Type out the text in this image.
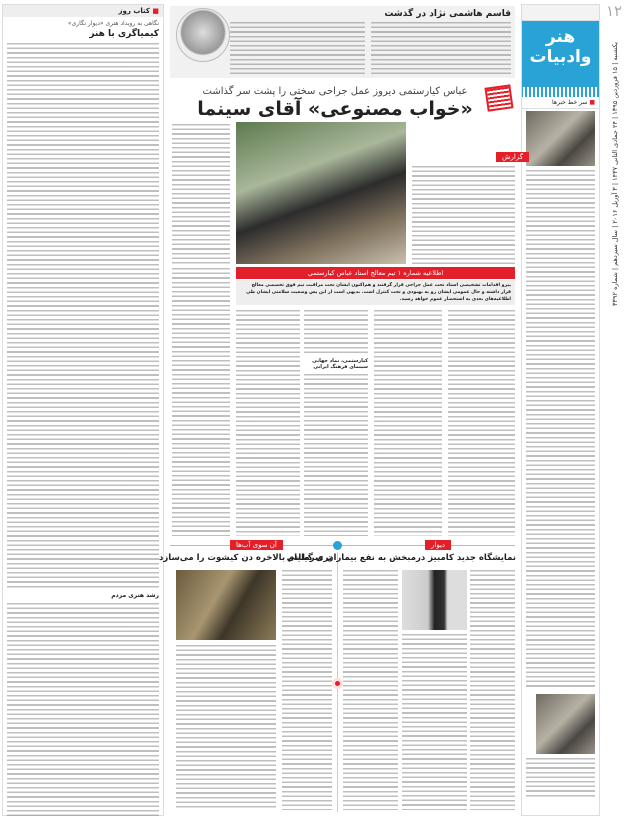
۱۲
یکشنبه | ۱۵ فروردین ۱۳۹۵ | ۲۴ جمادی الثانی ۱۴۳۷ | ۳ آوریل ۲۰۱۶ | سال سیزدهم | شماره ۳۳۹۲
هنر
وادبیات
■ سر خط خبرها
قاسم هاشمی نژاد در گذشت
■ کتاب روز
نگاهی به رویداد هنری «دیوار نگاری»
کیمیاگری با هنر
رشد هنری مردم
عباس کیارستمی دیروز عمل جراحی سختی را پشت سر گذاشت
«خواب مصنوعی» آقای سینما
گزارش
اطلاعیه شماره ۱ تیم معالج استاد عباس کیارستمی
پیرو اقدامات تشخیصی استاد تحت عمل جراحی قرار گرفتند و هم‌اکنون ایشان تحت مراقبت تیم فوق تخصصی معالج قرار داشته و حال عمومی ایشان رو به بهبودی و تحت کنترل است. بدیهی است از این پس وضعیت سلامتی ایشان طی اطلاعیه‌های بعدی به استحضار عموم خواهد رسید.
کیارستمی، نماد جهانی سینمای فرهنگ ایرانی
دیوار
نمایشگاه جدید کامبیز درمبخش به نفع بیماران سرطانی
آن سوی آب‌ها
تری گیلیام بالاخره دن کیشوت را می‌سازد
